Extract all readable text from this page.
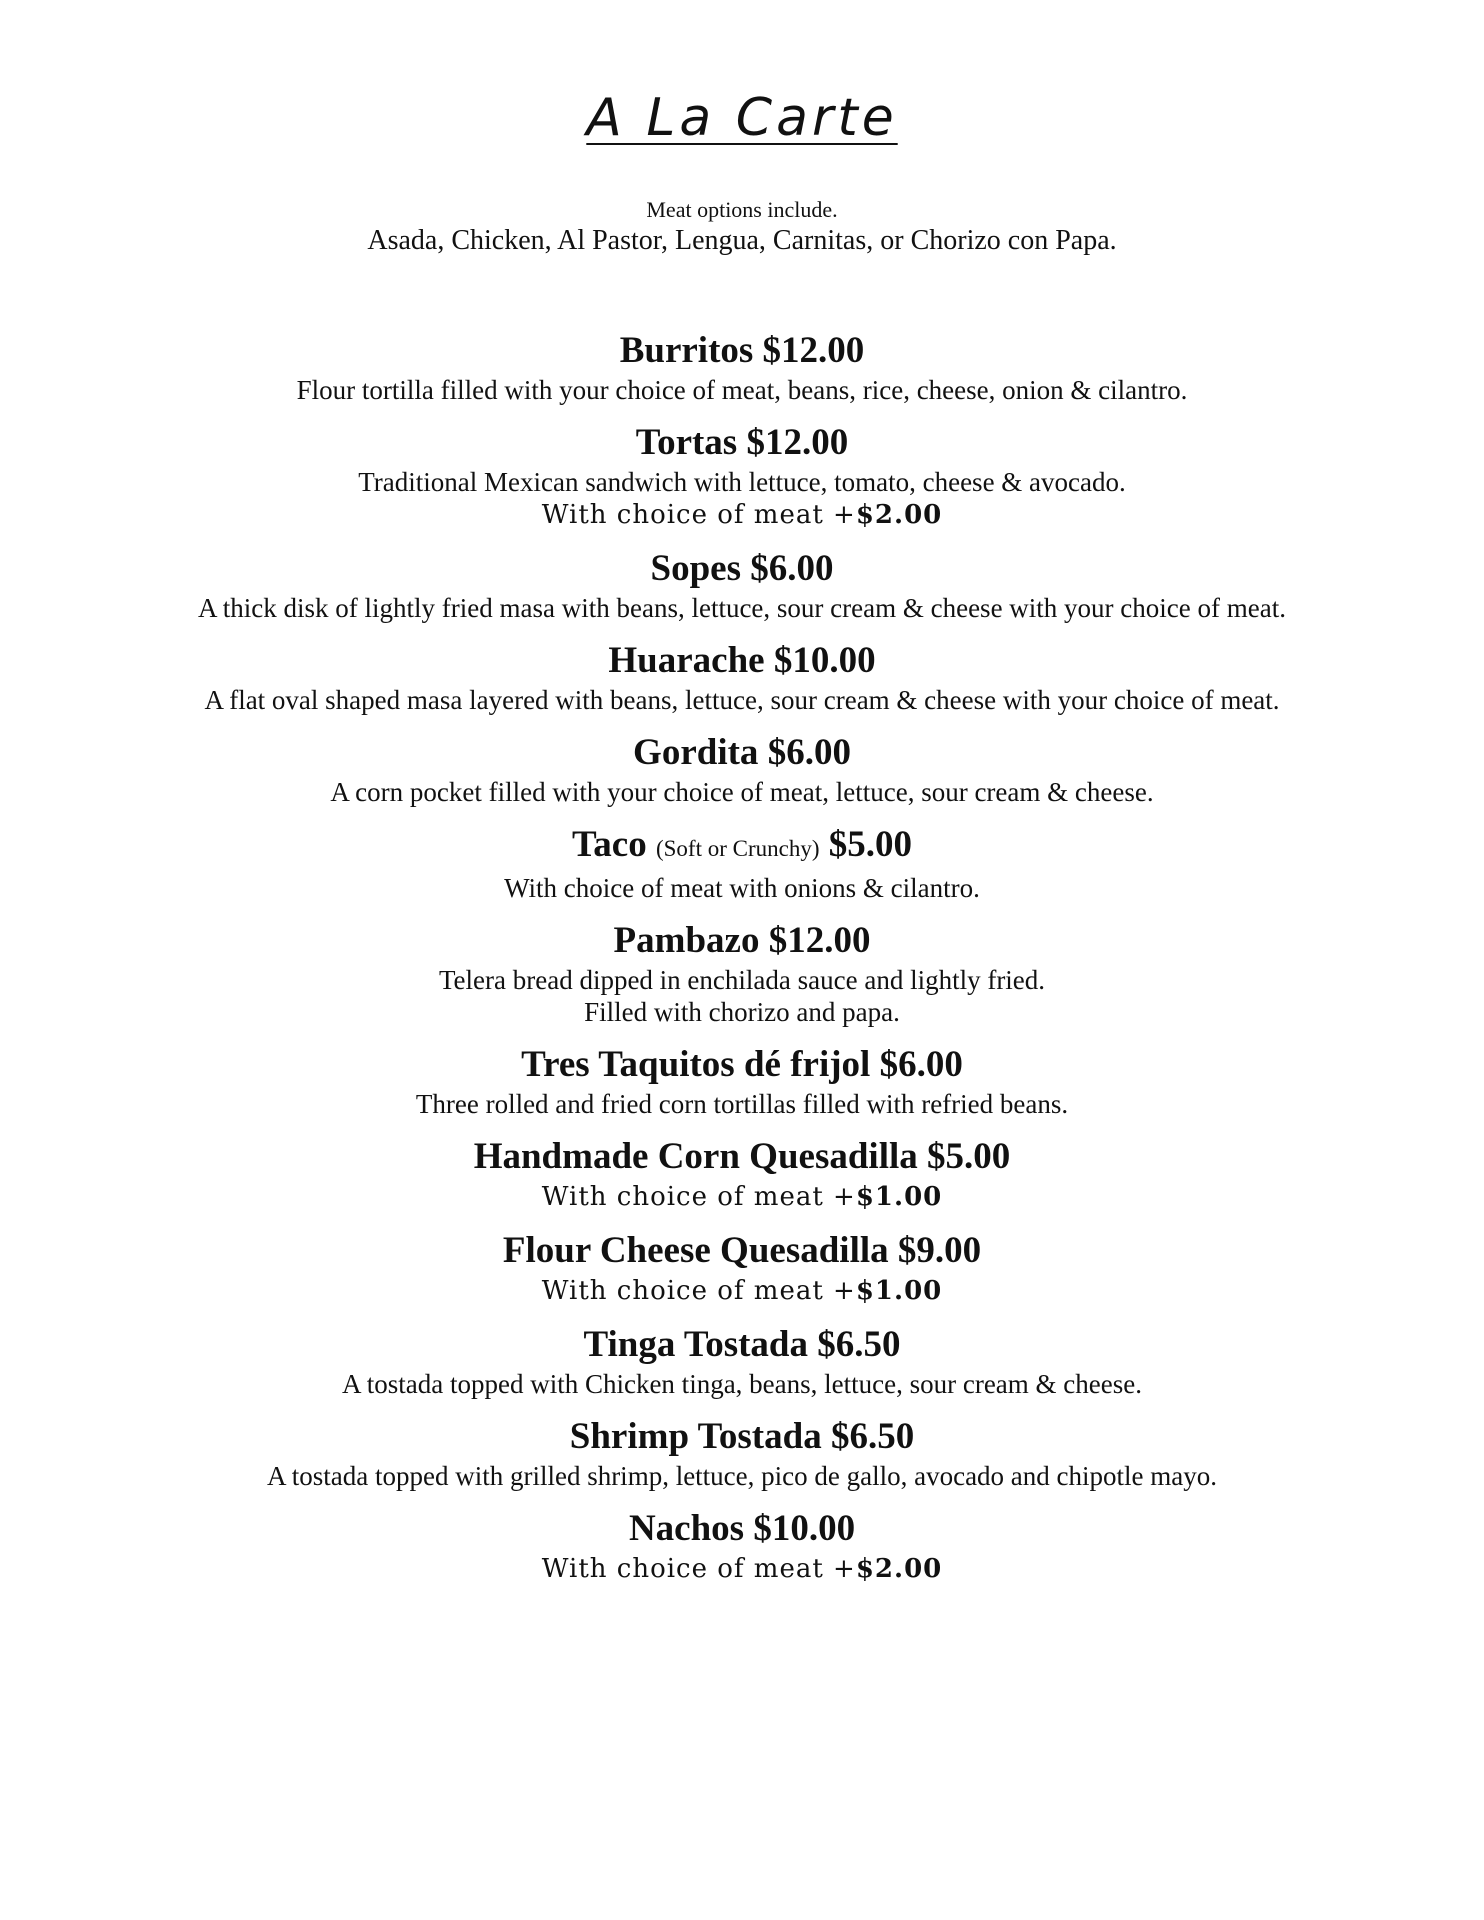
A La Carte
Meat options include.
Asada, Chicken, Al Pastor, Lengua, Carnitas, or Chorizo con Papa.
Burritos $12.00
Flour tortilla filled with your choice of meat, beans, rice, cheese, onion & cilantro.
Tortas $12.00
Traditional Mexican sandwich with lettuce, tomato, cheese & avocado.
With choice of meat +$2.00
Sopes $6.00
A thick disk of lightly fried masa with beans, lettuce, sour cream & cheese with your choice of meat.
Huarache $10.00
A flat oval shaped masa layered with beans, lettuce, sour cream & cheese with your choice of meat.
Gordita $6.00
A corn pocket filled with your choice of meat, lettuce, sour cream & cheese.
Taco (Soft or Crunchy) $5.00
With choice of meat with onions & cilantro.
Pambazo $12.00
Telera bread dipped in enchilada sauce and lightly fried.
Filled with chorizo and papa.
Tres Taquitos dé frijol $6.00
Three rolled and fried corn tortillas filled with refried beans.
Handmade Corn Quesadilla $5.00
With choice of meat +$1.00
Flour Cheese Quesadilla $9.00
With choice of meat +$1.00
Tinga Tostada $6.50
A tostada topped with Chicken tinga, beans, lettuce, sour cream & cheese.
Shrimp Tostada $6.50
A tostada topped with grilled shrimp, lettuce, pico de gallo, avocado and chipotle mayo.
Nachos $10.00
With choice of meat +$2.00
